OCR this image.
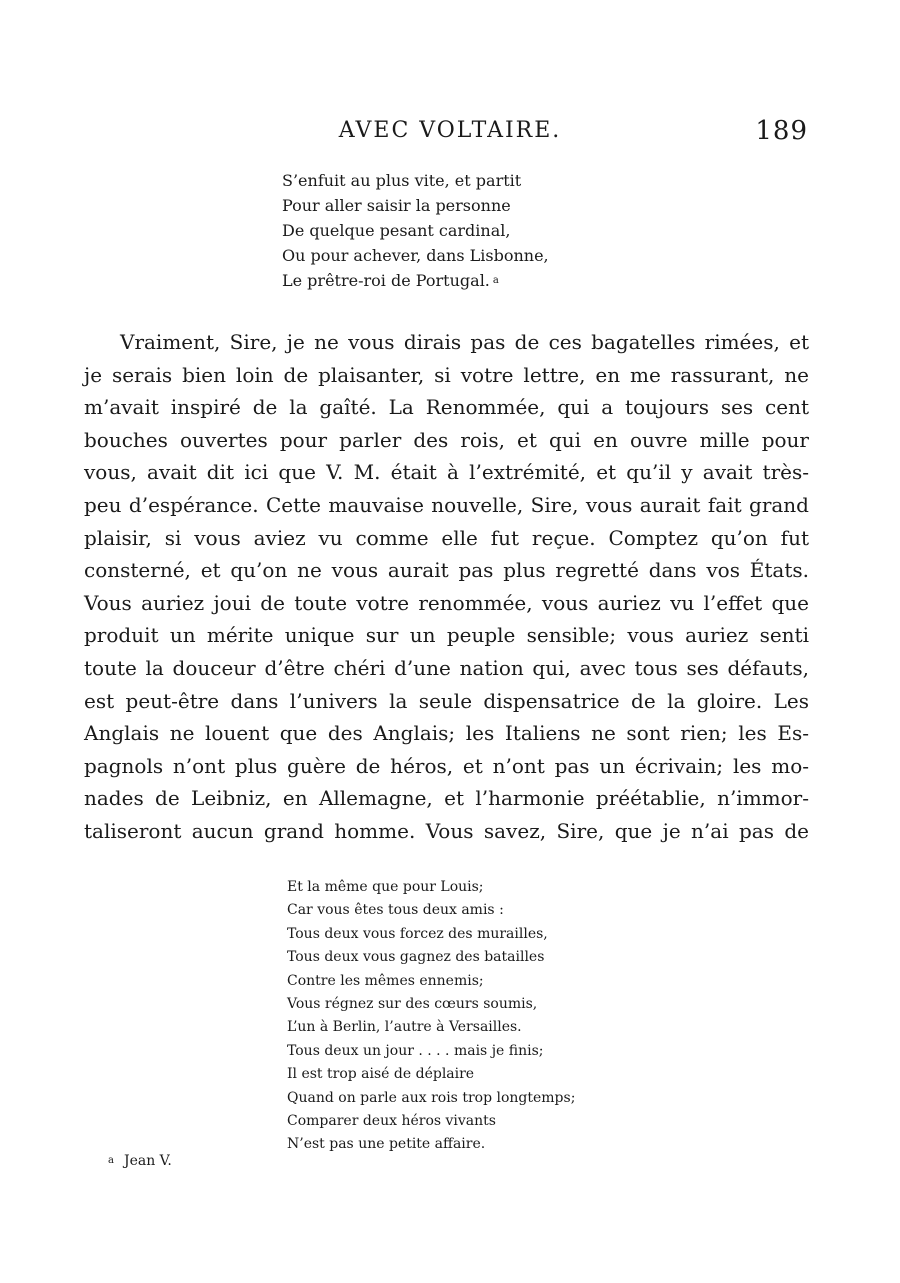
AVEC VOLTAIRE.	189
S’enfuit au plus vite, et partit
Pour aller saisir la personne
De quelque pesant cardinal,
Ou pour achever, dans Lisbonne,
Le prêtre-roi de Portugal. a
Vraiment, Sire, je ne vous dirais pas de ces bagatelles rimées, et
je serais bien loin de plaisanter, si votre lettre, en me rassurant, ne
m’avait inspiré de la gaîté. La Renommée, qui a toujours ses cent
bouches ouvertes pour parler des rois, et qui en ouvre mille pour
vous, avait dit ici que V. M. était à l’extrémité, et qu’il y avait très-
peu d’espérance. Cette mauvaise nouvelle, Sire, vous aurait fait grand
plaisir, si vous aviez vu comme elle fut reçue. Comptez qu’on fut
consterné, et qu’on ne vous aurait pas plus regretté dans vos États.
Vous auriez joui de toute votre renommée, vous auriez vu l’effet que
produit un mérite unique sur un peuple sensible; vous auriez senti
toute la douceur d’être chéri d’une nation qui, avec tous ses défauts,
est peut-être dans l’univers la seule dispensatrice de la gloire. Les
Anglais ne louent que des Anglais; les Italiens ne sont rien; les Es-
pagnols n’ont plus guère de héros, et n’ont pas un écrivain; les mo-
nades de Leibniz, en Allemagne, et l’harmonie préétablie, n’immor-
taliseront aucun grand homme. Vous savez, Sire, que je n’ai pas de
Et la même que pour Louis;
Car vous êtes tous deux amis :
Tous deux vous forcez des murailles,
Tous deux vous gagnez des batailles
Contre les mêmes ennemis;
Vous régnez sur des cœurs soumis,
L’un à Berlin, l’autre à Versailles.
Tous deux un jour . . . . mais je finis;
Il est trop aisé de déplaire
Quand on parle aux rois trop longtemps;
Comparer deux héros vivants
N’est pas une petite affaire.
a Jean V.
